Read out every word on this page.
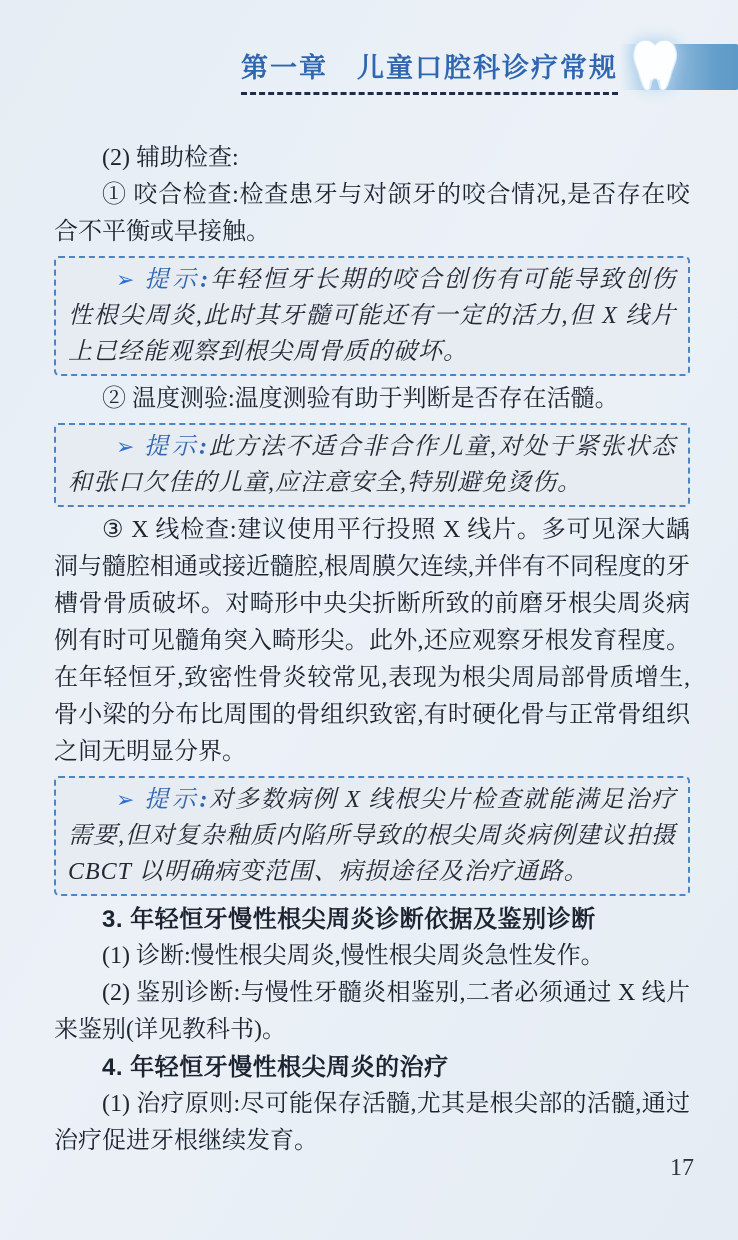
第一章　儿童口腔科诊疗常规

(2) 辅助检查:

① 咬合检查:检查患牙与对颌牙的咬合情况,是否存在咬合不平衡或早接触。

➢ 提示:年轻恒牙长期的咬合创伤有可能导致创伤性根尖周炎,此时其牙髓可能还有一定的活力,但 X 线片上已经能观察到根尖周骨质的破坏。

② 温度测验:温度测验有助于判断是否存在活髓。

➢ 提示:此方法不适合非合作儿童,对处于紧张状态和张口欠佳的儿童,应注意安全,特别避免烫伤。

③ X 线检查:建议使用平行投照 X 线片。多可见深大龋洞与髓腔相通或接近髓腔,根周膜欠连续,并伴有不同程度的牙槽骨骨质破坏。对畸形中央尖折断所致的前磨牙根尖周炎病例有时可见髓角突入畸形尖。此外,还应观察牙根发育程度。在年轻恒牙,致密性骨炎较常见,表现为根尖周局部骨质增生,骨小梁的分布比周围的骨组织致密,有时硬化骨与正常骨组织之间无明显分界。

➢ 提示:对多数病例 X 线根尖片检查就能满足治疗需要,但对复杂釉质内陷所导致的根尖周炎病例建议拍摄 CBCT 以明确病变范围、病损途径及治疗通路。

3. 年轻恒牙慢性根尖周炎诊断依据及鉴别诊断

(1) 诊断:慢性根尖周炎,慢性根尖周炎急性发作。

(2) 鉴别诊断:与慢性牙髓炎相鉴别,二者必须通过 X 线片来鉴别(详见教科书)。

4. 年轻恒牙慢性根尖周炎的治疗

(1) 治疗原则:尽可能保存活髓,尤其是根尖部的活髓,通过治疗促进牙根继续发育。

17
